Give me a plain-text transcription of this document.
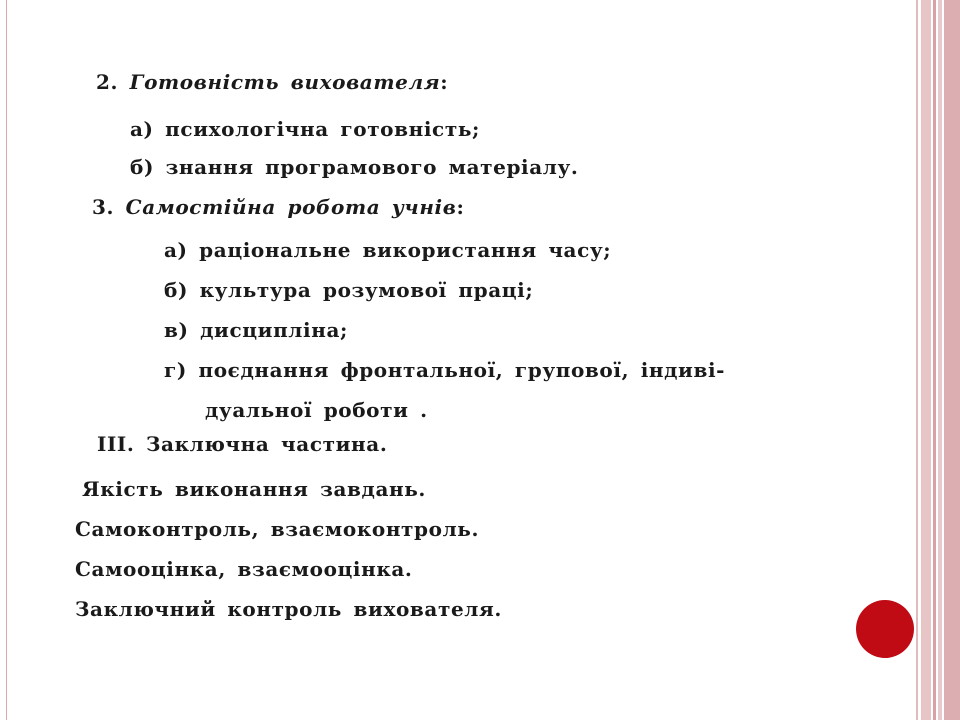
2. Готовність вихователя:
а) психологічна готовність;
б) знання програмового матеріалу.
3. Самостійна робота учнів:
а) раціональне використання часу;
б) культура розумової праці;
в) дисципліна;
г) поєднання фронтальної, групової, індиві-
дуальної роботи .
ІІІ. Заключна частина.
Якість виконання завдань.
Самоконтроль, взаємоконтроль.
Самооцінка, взаємооцінка.
Заключний контроль вихователя.
